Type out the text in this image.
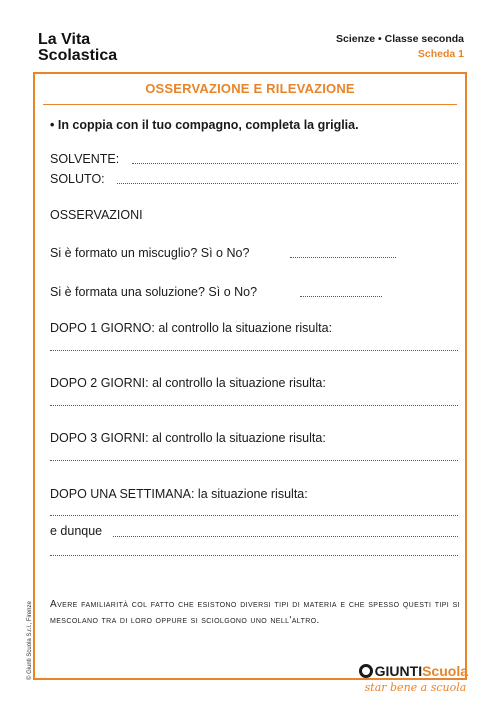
La Vita
Scolastica
Scienze • Classe seconda
Scheda 1
OSSERVAZIONE E RILEVAZIONE
• In coppia con il tuo compagno, completa la griglia.
SOLVENTE:
SOLUTO:
OSSERVAZIONI
Si è formato un miscuglio? Sì o No?
Si è formata una soluzione? Sì o No?
DOPO 1 GIORNO: al controllo la situazione risulta:
DOPO 2 GIORNI: al controllo la situazione risulta:
DOPO 3 GIORNI: al controllo la situazione risulta:
DOPO UNA SETTIMANA: la situazione risulta:
e dunque
Avere familiarità col fatto che esistono diversi tipi di materia e che spesso questi tipi si mescolano tra di loro oppure si sciolgono uno nell'altro.
© Giunti Scuola S.r.l., Firenze	GIUNTIScuola
star bene a scuola
